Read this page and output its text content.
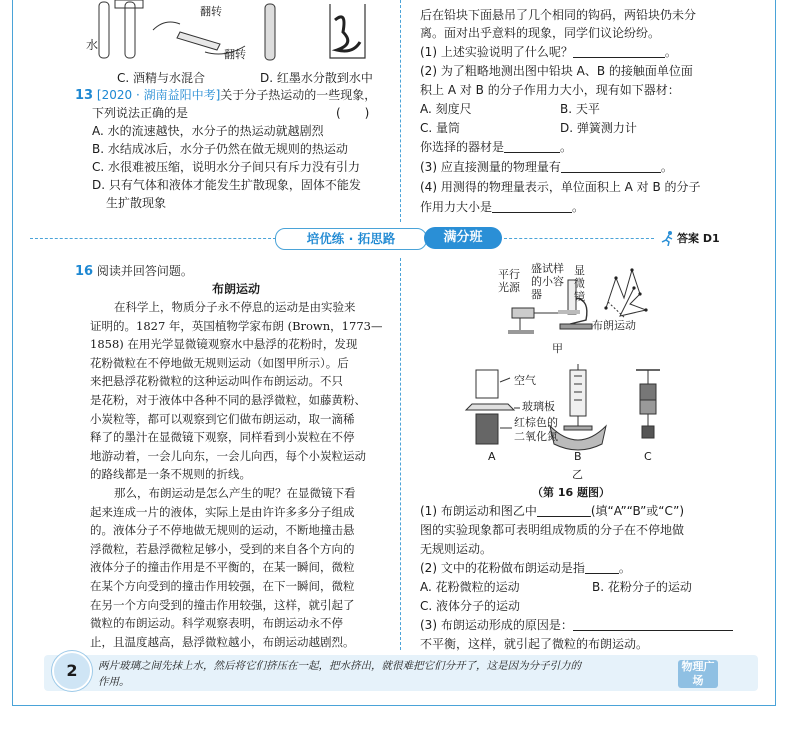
水
翻转
翻转
C. 酒精与水混合	D. 红墨水分散到水中
13 [2020 · 湖南益阳中考]关于分子热运动的一些现象，
下列说法正确的是	(　　)
A. 水的流速越快，水分子的热运动就越剧烈
B. 水结成冰后，水分子仍然在做无规则的热运动
C. 水很难被压缩，说明水分子间只有斥力没有引力
D. 只有气体和液体才能发生扩散现象，固体不能发
生扩散现象
后在铅块下面悬吊了几个相同的钩码，两铅块仍未分
离。面对出乎意料的现象，同学们议论纷纷。
(1) 上述实验说明了什么呢？	。
(2) 为了粗略地测出图中铅块 A、B 的接触面单位面
积上 A 对 B 的分子作用力大小，现有如下器材：
A. 刻度尺	B. 天平
C. 量筒	D. 弹簧测力计
你选择的器材是	。
(3) 应直接测量的物理量有	。
(4) 用测得的物理量表示，单位面积上 A 对 B 的分子
作用力大小是	。
培优练 · 拓思路	满分班	答案 D1
16 阅读并回答问题。
布朗运动
在科学上，物质分子永不停息的运动是由实验来
证明的。1827 年，英国植物学家布朗 (Brown，1773—
1858) 在用光学显微镜观察水中悬浮的花粉时，发现
花粉微粒在不停地做无规则运动（如图甲所示）。后
来把悬浮花粉微粒的这种运动叫作布朗运动。不只
是花粉，对于液体中各种不同的悬浮微粒，如藤黄粉、
小炭粒等，都可以观察到它们做布朗运动，取一滴稀
释了的墨汁在显微镜下观察，同样看到小炭粒在不停
地游动着，一会儿向东，一会儿向西，每个小炭粒运动
的路线都是一条不规则的折线。
那么，布朗运动是怎么产生的呢？在显微镜下看
起来连成一片的液体，实际上是由许许多多分子组成
的。液体分子不停地做无规则的运动，不断地撞击悬
浮微粒，若悬浮微粒足够小，受到的来自各个方向的
液体分子的撞击作用是不平衡的，在某一瞬间，微粒
在某个方向受到的撞击作用较强，在下一瞬间，微粒
在另一个方向受到的撞击作用较强，这样，就引起了
微粒的布朗运动。科学观察表明，布朗运动永不停
止，且温度越高，悬浮微粒越小，布朗运动越剧烈。
平行
光源
盛试样
的小容
器
显
微
镜
布朗运动
甲
空气
玻璃板
红棕色的
二氧化氮
A	B	C
乙
（第 16 题图）
(1) 布朗运动和图乙中	(填“A”“B”或“C”)
图的实验现象都可表明组成物质的分子在不停地做
无规则运动。
(2) 文中的花粉做布朗运动是指	。
A. 花粉微粒的运动	B. 花粉分子的运动
C. 液体分子的运动
(3) 布朗运动形成的原因是：
不平衡，这样，就引起了微粒的布朗运动。
2	两片玻璃之间先抹上水，然后将它们挤压在一起，把水挤出，就很难把它们分开了，这是因为分子引力的
作用。
物理广场
